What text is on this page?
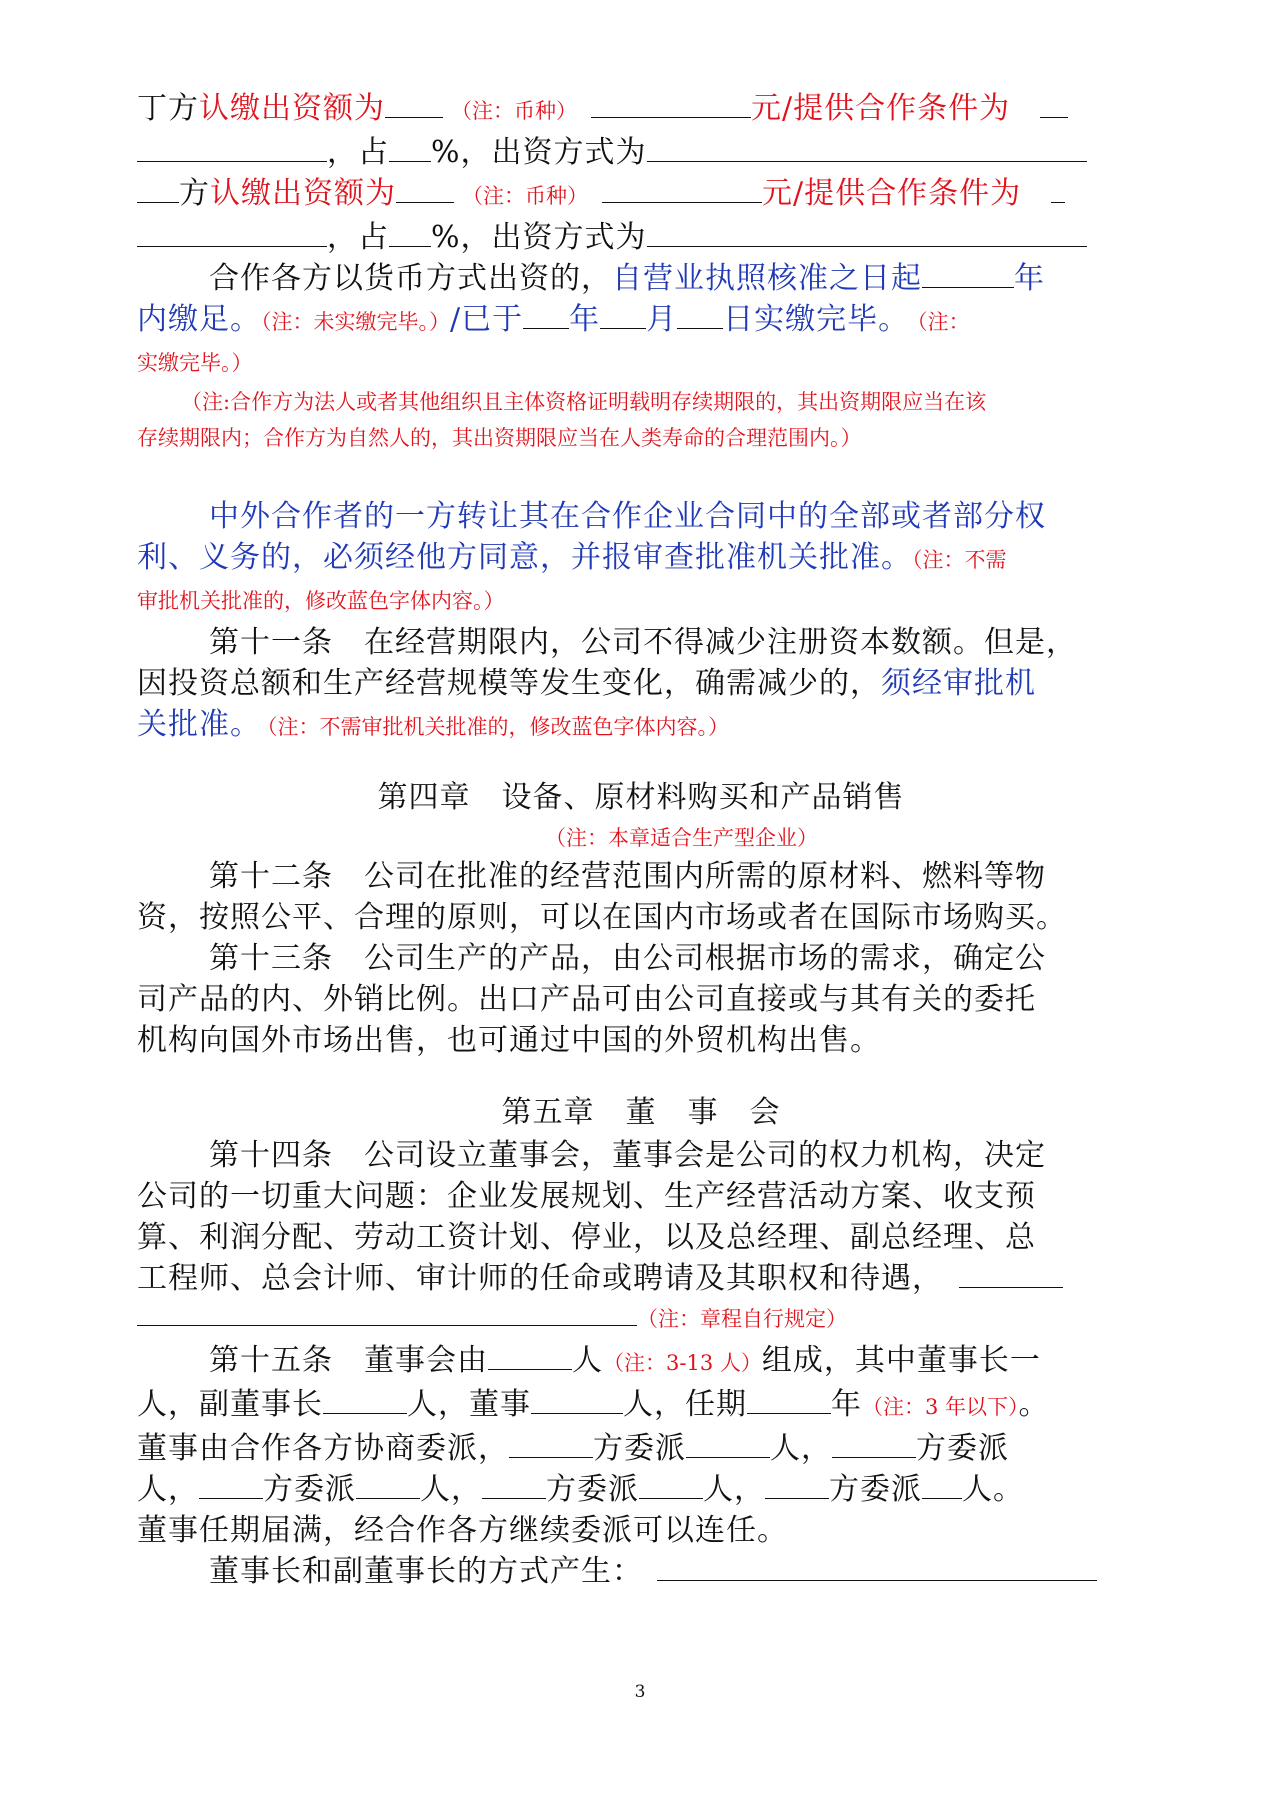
丁方认缴出资额为	（注：币种）	元/提供合作条件为
，占 %，出资方式为
方认缴出资额为	（注：币种）	元/提供合作条件为
，占 %，出资方式为
合作各方以货币方式出资的，自营业执照核准之日起	年
内缴足。（注：未实缴完毕。）/已于 年 月 日实缴完毕。 （注：
实缴完毕。）
（注:合作方为法人或者其他组织且主体资格证明载明存续期限的，其出资期限应当在该
存续期限内；合作方为自然人的，其出资期限应当在人类寿命的合理范围内。）
中外合作者的一方转让其在合作企业合同中的全部或者部分权
利、义务的，必须经他方同意，并报审查批准机关批准。（注：不需
审批机关批准的，修改蓝色字体内容。）
第十一条　在经营期限内，公司不得减少注册资本数额。但是，
因投资总额和生产经营规模等发生变化，确需减少的，须经审批机
关批准。 （注：不需审批机关批准的，修改蓝色字体内容。）
第四章　设备、原材料购买和产品销售
（注：本章适合生产型企业）
第十二条　公司在批准的经营范围内所需的原材料、燃料等物
资，按照公平、合理的原则，可以在国内市场或者在国际市场购买。
第十三条　公司生产的产品，由公司根据市场的需求，确定公
司产品的内、外销比例。出口产品可由公司直接或与其有关的委托
机构向国外市场出售，也可通过中国的外贸机构出售。
第五章　董　事　会
第十四条　公司设立董事会，董事会是公司的权力机构，决定
公司的一切重大问题：企业发展规划、生产经营活动方案、收支预
算、利润分配、劳动工资计划、停业，以及总经理、副总经理、总
工程师、总会计师、审计师的任命或聘请及其职权和待遇，
（注：章程自行规定）
第十五条　董事会由	人（注：3-13 人）组成，其中董事长一
人，副董事长	人，董事	人，任期	年（注：3 年以下）。
董事由合作各方协商委派，	方委派	人，	方委派
人， 方委派 人， 方委派 人， 方委派 人。
董事任期届满，经合作各方继续委派可以连任。
董事长和副董事长的方式产生：
3
